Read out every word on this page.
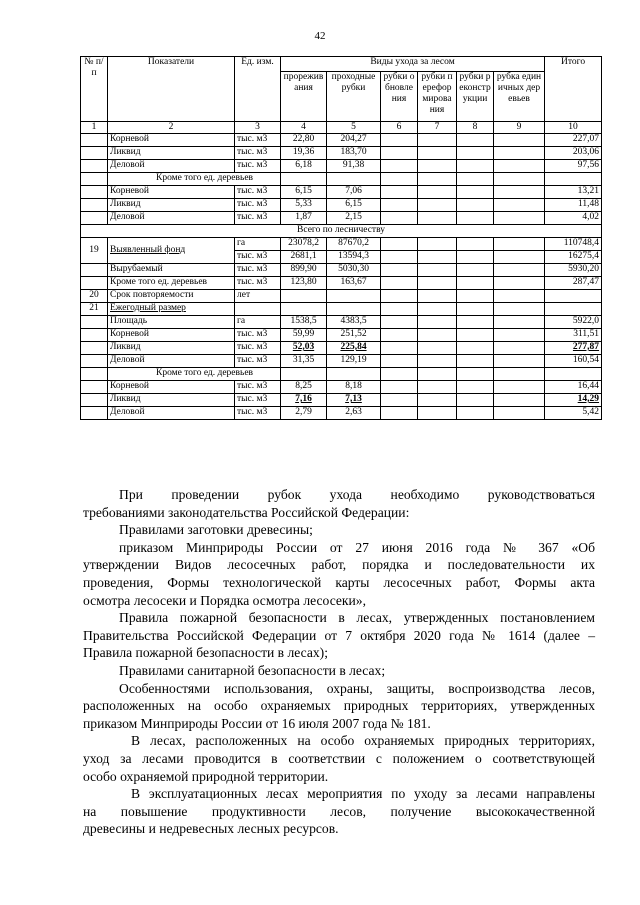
42
№ п/п	Показатели	Ед. изм.	Виды ухода за лесом						Итого
			прореживания	проходные рубки	рубки обновления	рубки переформирования	рубки реконструкции	рубка единичных деревьев	
1	2	3	4	5	6	7	8	9	10
	Корневой	тыс. м3	22,80	204,27					227,07
	Ликвид	тыс. м3	19,36	183,70					203,06
	Деловой	тыс. м3	6,18	91,38					97,56
	Кроме того ед. деревьев								
	Корневой	тыс. м3	6,15	7,06					13,21
	Ликвид	тыс. м3	5,33	6,15					11,48
	Деловой	тыс. м3	1,87	2,15					4,02
Всего по лесничеству									
19	Выявленный фонд	га	23078,2	87670,2					110748,4
		тыс. м3	2681,1	13594,3					16275,4
	Вырубаемый	тыс. м3	899,90	5030,30					5930,20
	Кроме того ед. деревьев	тыс. м3	123,80	163,67					287,47
20	Срок повторяемости	лет							
21	Ежегодный размер								
	Площадь	га	1538,5	4383,5					5922,0
	Корневой	тыс. м3	59,99	251,52					311,51
	Ликвид	тыс. м3	52,03	225,84					277,87
	Деловой	тыс. м3	31,35	129,19					160,54
	Кроме того ед. деревьев								
	Корневой	тыс. м3	8,25	8,18					16,44
	Ликвид	тыс. м3	7,16	7,13					14,29
	Деловой	тыс. м3	2,79	2,63					5,42

При проведении рубок ухода необходимо руководствоваться

требованиями законодательства Российской Федерации:

Правилами заготовки древесины;

приказом Минприроды России от 27 июня 2016 года № 367 «Об

утверждении Видов лесосечных работ, порядка и последовательности их

проведения, Формы технологической карты лесосечных работ, Формы акта

осмотра лесосеки и Порядка осмотра лесосеки»,

Правила пожарной безопасности в лесах, утвержденных постановлением

Правительства Российской Федерации от 7 октября 2020 года № 1614 (далее –

Правила пожарной безопасности в лесах);

Правилами санитарной безопасности в лесах;

Особенностями использования, охраны, защиты, воспроизводства лесов,

расположенных на особо охраняемых природных территориях, утвержденных

приказом Минприроды России от 16 июля 2007 года № 181.

В лесах, расположенных на особо охраняемых природных территориях,

уход за лесами проводится в соответствии с положением о соответствующей

особо охраняемой природной территории.

В эксплуатационных лесах мероприятия по уходу за лесами направлены

на повышение продуктивности лесов, получение высококачественной

древесины и недревесных лесных ресурсов.
